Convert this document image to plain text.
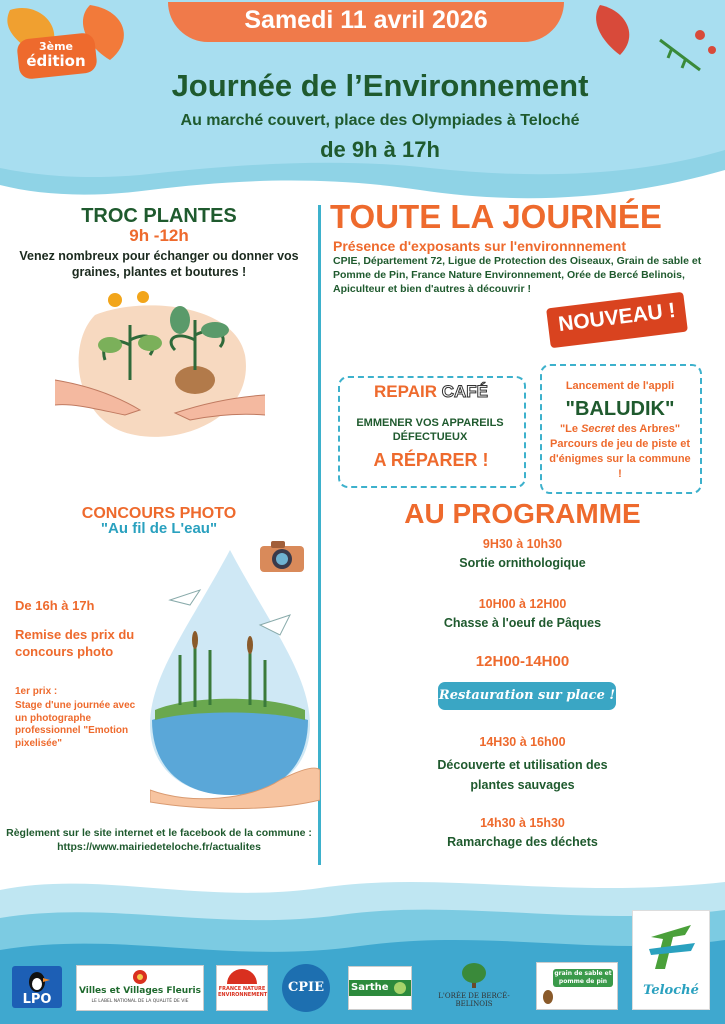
Samedi 11 avril 2026
3ème
édition
Journée de l’Environnement
Au marché couvert, place des Olympiades à Teloché
de 9h à 17h
TROC PLANTES
9h -12h
Venez nombreux pour échanger ou donner vos graines, plantes et boutures !
CONCOURS PHOTO
"Au fil de L'eau"
De 16h à 17h
Remise des prix du concours photo
1er prix :
Stage d'une journée avec un photographe professionnel "Emotion pixelisée"
Règlement sur le site internet et le facebook de la commune : https://www.mairiedeteloche.fr/actualites
TOUTE LA JOURNÉE
Présence d'exposants sur l'environnnement
CPIE, Département 72, Ligue de Protection des Oiseaux, Grain de sable et Pomme de Pin, France Nature Environnement, Orée de Bercé Belinois, Apiculteur et bien d'autres à découvrir !
NOUVEAU !
REPAIR CAFÉ
EMMENER VOS APPAREILS DÉFECTUEUX
A RÉPARER !
Lancement de l'appli
"BALUDIK"
"Le Secret des Arbres"
Parcours de jeu de piste et d'énigmes sur la commune !
AU PROGRAMME
9H30 à 10h30
Sortie ornithologique
10H00 à 12H00
Chasse à l'oeuf de Pâques
12H00-14H00
Restauration sur place !
14H30 à 16h00
Découverte et utilisation des plantes sauvages
14h30 à 15h30
Ramarchage des déchets
LPO
Villes et Villages Fleuris
LE LABEL NATIONAL DE LA QUALITÉ DE VIE
FRANCE NATURE ENVIRONNEMENT	CPIE	Sarthe
L'ORÉE DE BERCÉ-BELINOIS
grain de sable et pomme de pin
Teloché
